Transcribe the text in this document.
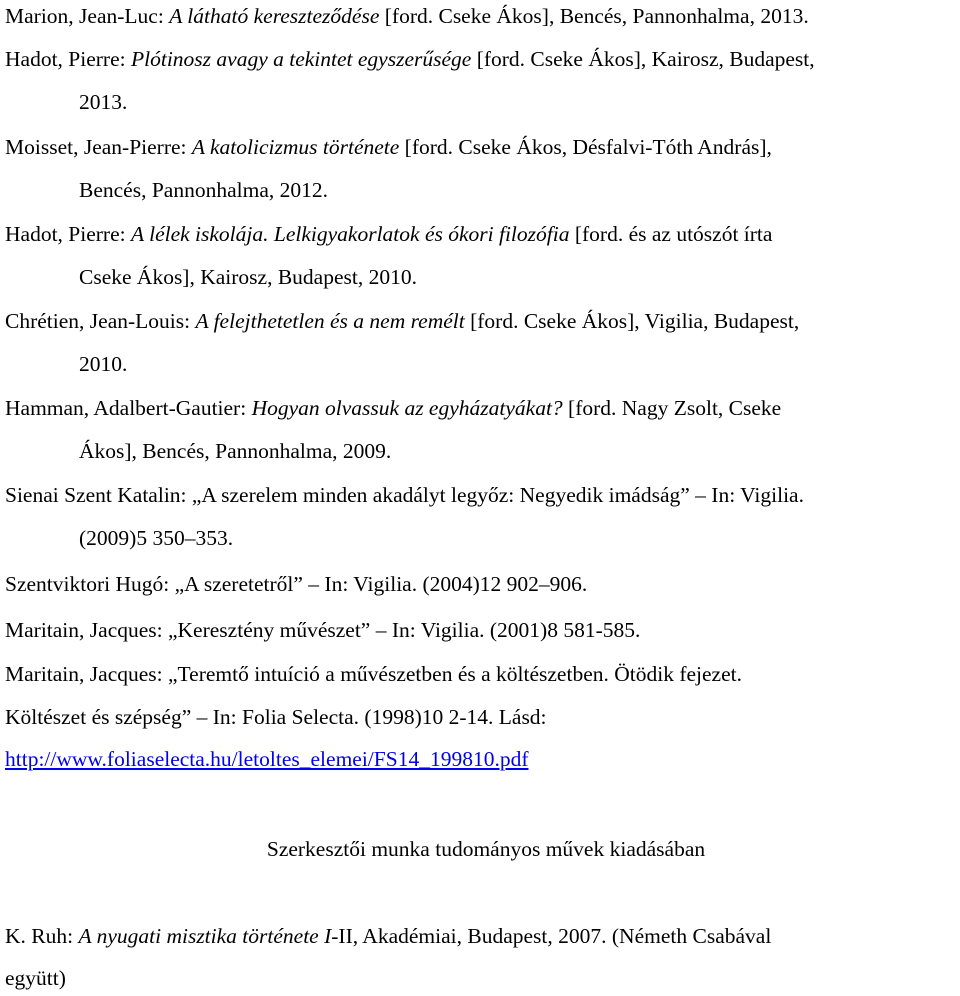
Marion, Jean-Luc: A látható kereszteződése [ford. Cseke Ákos], Bencés, Pannonhalma, 2013.
Hadot, Pierre: Plótinosz avagy a tekintet egyszerűsége [ford. Cseke Ákos], Kairosz, Budapest,
2013.
Moisset, Jean-Pierre: A katolicizmus története [ford. Cseke Ákos, Désfalvi-Tóth András],
Bencés, Pannonhalma, 2012.
Hadot, Pierre: A lélek iskolája. Lelkigyakorlatok és ókori filozófia [ford. és az utószót írta
Cseke Ákos], Kairosz, Budapest, 2010.
Chrétien, Jean-Louis: A felejthetetlen és a nem remélt [ford. Cseke Ákos], Vigilia, Budapest,
2010.
Hamman, Adalbert-Gautier: Hogyan olvassuk az egyházatyákat? [ford. Nagy Zsolt, Cseke
Ákos], Bencés, Pannonhalma, 2009.
Sienai Szent Katalin: „A szerelem minden akadályt legyőz: Negyedik imádság” – In: Vigilia.
(2009)5 350–353.
Szentviktori Hugó: „A szeretetről” – In: Vigilia. (2004)12 902–906.
Maritain, Jacques: „Keresztény művészet” – In: Vigilia. (2001)8 581-585.
Maritain, Jacques: „Teremtő intuíció a művészetben és a költészetben. Ötödik fejezet.
Költészet és szépség” – In: Folia Selecta. (1998)10 2-14. Lásd:
http://www.foliaselecta.hu/letoltes_elemei/FS14_199810.pdf
Szerkesztői munka tudományos művek kiadásában
K. Ruh: A nyugati misztika története I-II, Akadémiai, Budapest, 2007. (Németh Csabával
együtt)
